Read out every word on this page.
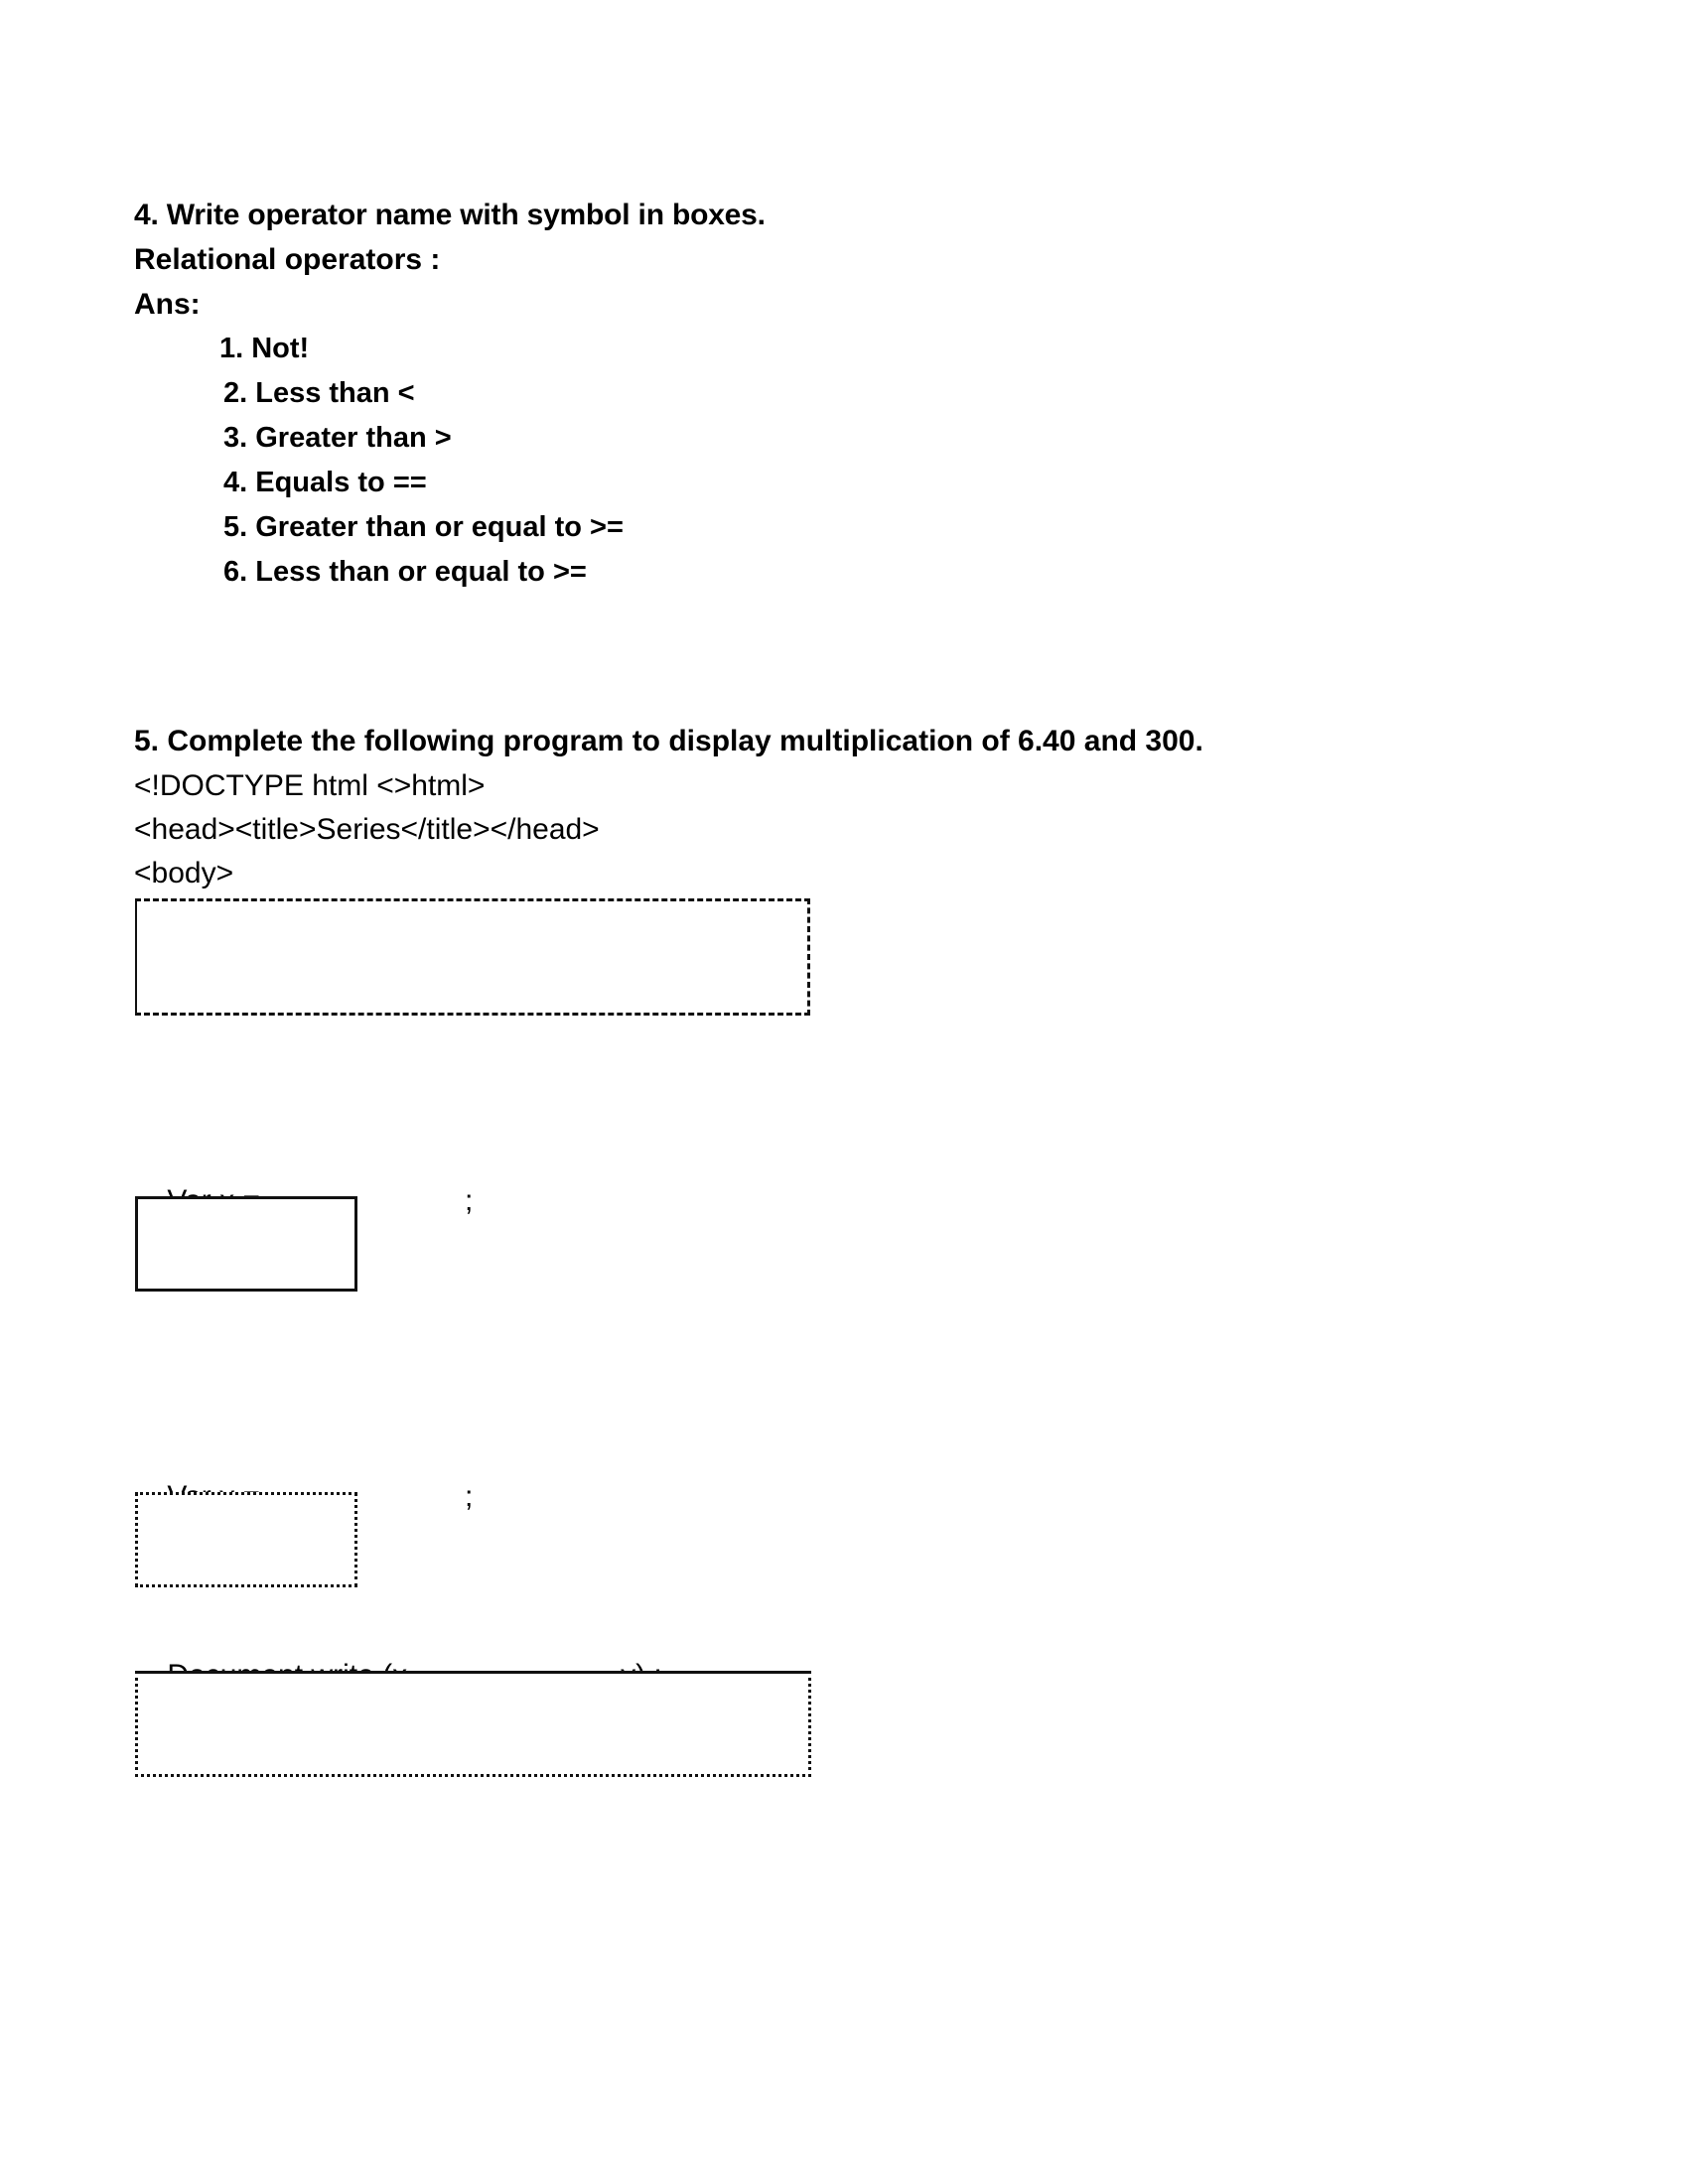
4. Write operator name with symbol in boxes.
Relational operators :
Ans:
1. Not!
2. Less than <
3. Greater than >
4. Equals to ==
5. Greater than or equal to >=
6. Less than or equal to >=
5. Complete the following program to display multiplication of 6.40 and 300.
<!DOCTYPE html <>html>
<head><title>Series</title></head>
<body>

;

;
